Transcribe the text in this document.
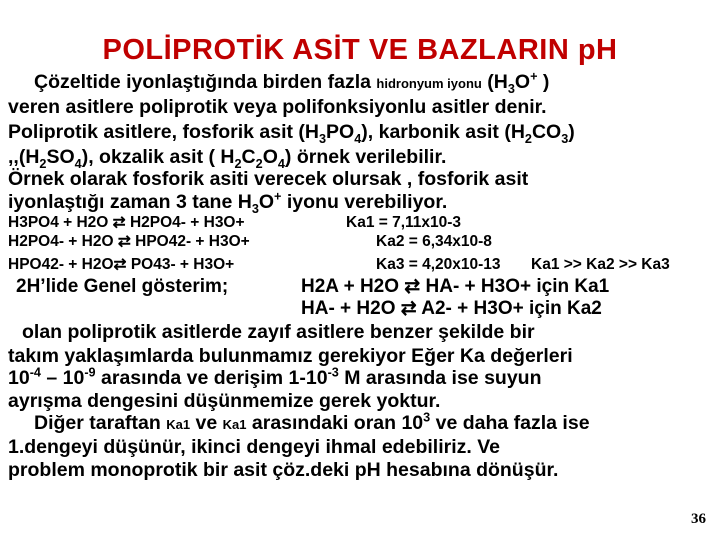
POLİPROTİK ASİT VE BAZLARIN pH
Çözeltide iyonlaştığında birden fazla hidronyum iyonu ($H_3O^+$ )
veren asitlere poliprotik veya polifonksiyonlu asitler denir.
Poliprotik asitlere, fosforik asit $(H_3PO_4)$, karbonik asit $(H_2CO_3)$
$,,(H_2SO_4)$, okzalik asit ( $H_2C_2O_4$) örnek verilebilir.
Örnek olarak fosforik asiti verecek olursak , fosforik asit
iyonlaştığı zaman 3 tane $H_3O^+$ iyonu verebiliyor.
H3PO4 + H2O ⇄ H2PO4- + H3O+	Ka1 = 7,11x10-3
H2PO4- + H2O ⇄ HPO42- + H3O+	Ka2 = 6,34x10-8
HPO42- + H2O⇄ PO43- + H3O+	Ka3 = 4,20x10-13 Ka1 >> Ka2 >> Ka3
2H’lide Genel gösterim;	H2A + H2O ⇄ HA- + H3O+ için Ka1
HA- + H2O ⇄ A2- + H3O+ için Ka2
olan poliprotik asitlerde zayıf asitlere benzer şekilde bir
takım yaklaşımlarda bulunmamız gerekiyor Eğer Ka değerleri
$10^{-4} - 10^{-9}$ arasında ve derişim $1-10^{-3}$ M arasında ise suyun
ayrışma dengesini düşünmemize gerek yoktur.
Diğer taraftan Ka1 ve Ka1 arasındaki oran $10^3$ ve daha fazla ise
1.dengeyi düşünür, ikinci dengeyi ihmal edebiliriz. Ve
problem monoprotik bir asit çöz.deki pH hesabına dönüşür.
36
